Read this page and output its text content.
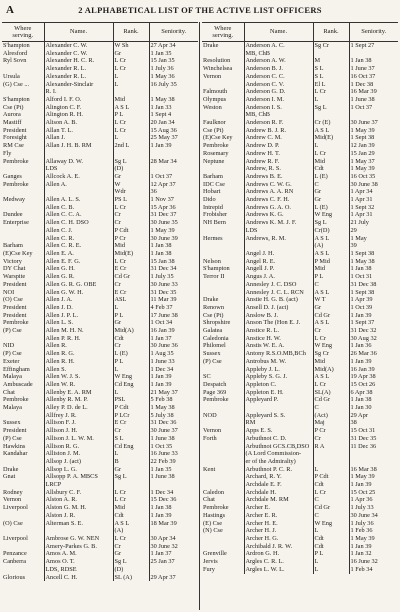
A	2 ALPHABETICAL LIST OF THE ACTIVE LIST OFFICERS
Where serving.	Name.	Rank.	Seniority.
S'hampton	Alexander C. W.	W Sh	27 Apr 34
Alresford	Alexander C. W.	Gr	1 Jan 35
Ryl Sovn	Alexander H. C. R.	L Cr	15 Jan 35
	Alexander R. L.	L Cr	1 July 36
Ursula	Alexander R. L.	L	1 May 36
(G) Cse ...	Alexander-Sinclair	L	16 July 35
	R. I.		
S'hampton	Alford I. F. O.	Mid	1 May 38
Cse (Pt)	Alington C. F.	A S L	1 Jan 33
Aurora	Alington R. H.	P L	1 Sept 4
Mastiff	Alison A. B.	L Cr	20 Jan 34
President	Allan T. L.	L Cr	15 Aug 36
Foresight	Allan J.	L	25 May 37
RM Cse	Allan J. H. B. RM	2nd L	1 Jan 39
Fly			
Pembroke	Allaway D. W.	Sg L	28 Mar 34
	LDS	(D)	
Ganges	Allcock A. E.	Gr	1 Oct 37
Pembroke	Allen A.	W	12 Apr 37
		Wdr	36
Medway	Allen A. L. S.	PS L	1 Nov 37
	Allen C. B.	L Cr	15 Apr 36
Dundee	Allen C. C. A.	Cr	31 Dec 37
Enterprise	Allen C. H. DSO	Cr	30 June 35
	Allen C. J.	P Cdt	1 May 39
	Allen C. R.	P Cr	30 June 39
Barham	Allen C. R. E.	Mid	1 Jan 38
(E)Cse Key	Allen E. A.	Mid(E)	1 Jan 38
Victory	Allen E. F. G.	L Cr	15 Jan 38
DY Chat	Allen G. H.	E Cr	31 Dec 34
Warspite	Allen G. R.	Cd Gr	1 July 35
President	Allen G. R. G. OBE	Cr	30 June 33
NOI	Allen G. W. H.	E Cr	31 Dec 35
(O) Cse	Allen J. A.	ASL	11 Mar 39
President	Allen J. D.	L	4 Feb 37
President	Allen J. P. L.	P L	17 June 38
Pembroke	Allen L. S.	Gr	1 Oct 34
(P) Cse	Allen M. H. N.	Mid(A)	16 Jan 39
	Allen P. R. H.	Cdt	1 Jan 37
NID	Allen R.	Cr	30 June 36
(P) Cse	Allen R. G.	L (E)	1 Aug 35
Exeter	Allen R. H.	P L	1 June 33
Effingham	Allen S.	L	1 Dec 34
Malaya	Allen W. J. S.	W Eng	1 Jan 39
Ambuscade	Allen W. R.	Cd Eng	1 Jan 39
Chat	Allenby E. A. RM	L	21 May 37
Pembroke	Allenby R. M. P.	PSL	5 Feb 38
Malaya	Alley P. D. de L.	P Cdt	1 May 38
	Allfrey J. R.	P LCr	5 July 38
Sussex	Allison F. J.	E Cr	31 Dec 36
President	Allison J. H.	Cr	30 June 37
(P) Cse	Allison J. L. W. M.	S L	1 June 38
Hawkins	Allison R. G.	Cd Eng	1 Oct 35
Kandahar	Alliston J. M.	L	16 June 33
	Allsop J. (act)	B	22 Feb 39
Drake	Allsop L. G.	Gr	1 Jan 35
Gnat	Allsopp P. A. MBCS	Sg L	1 June 38
	LRCP		
Rodney	Allsbury C. F.	L Cr	1 Dec 34
Vernon	Alston A. R.	L Cr	15 Dec 36
Liverpool	Alston G. M. H.	Mid	1 Jan 38
	Alston J. R.	Cdt	1 Jan 39
(O) Cse	Alterman S. E.	A S L	18 Mar 39
		(A)	
Liverpool	Ambrose G. W. NEN	L Cr	30 Apr 34
	Amery-Parkes G. B.	Cr	30 June 32
Penzance	Amos A. M.	Gr	1 Jan 37
Canberra	Amos O. T.	Sg L	25 Jan 37
	LDS, RDSE	(D)	
Glorious	Ancell C. H.	SL (A)	29 Apr 37
Where serving.	Name.	Rank.	Seniority.
Drake	Anderson A. C.	Sg Cr	1 Sept 27
	MB, ChB		
Resolution	Anderson A. W.	M	1 Jan 38
Winchelsea	Anderson B. J.	S L	1 June 37
Vernon	Anderson C. C.	S L	16 Oct 37
	Anderson C. V.	El L	1 Dec 38
Falmouth	Anderson G. D.	L Cr	16 Mar 39
Olympus	Anderson I. M.	L	1 June 38
Weston	Anderson I. S.	Sg L	1 Oct 37
	MB, ChB		
Faulknor	Anderson R. F.	Cr (E)	30 June 37
Cse (Pt)	Andrew B. J. R.	A S L	1 May 39
(E)Cse Key	Andrew C. M.	Mid(E)	1 Sept 38
Pembroke	Andrew D. P.	L	12 Jan 39
Rosemary	Andrew H. T.	L Cr	15 Jan 29
Neptune	Andrew R. F.	Mid	1 May 37
	Andrew, R. S.	Cdt	1 May 39
Barham	Andrews B. E.	L (E)	16 Oct 35
IDC Cse	Andrews C. W. G.	C	30 June 38
Hobart	Andrews A. A. RN	Gr	1 Apr 34
Dido	Andrews C. F. H.	Gr	1 Apr 31
Intrepid	Andrews G. A. O.	L (E)	1 Sept 32
Frobisher	Andrews K. G.	W Eng	1 Apr 31
NH Bern	Andrews K. M. J. F.	Sg L	21 July
	LDS	Cr(D)	29
Hermes	Andrews, R. M.	A S L	1 May
		(A)	39
	Angel J. H.	A S L	1 Sept 38
Nelson	Angel R. E.	P Mid	1 May 38
S'hampton	Angell J. P.	Mid	1 Jan 38
Terror II	Angus J. A.	P L	1 Oct 31
	Annesley J. C. DSO	C	31 Dec 38
	Annesley J. C. L. RCN	A S L	1 Sept 38
Drake	Anstie H. G. B. (act)	W T	1 Apr 39
Renown	Ansell D. J. (act)	Gr	1 Oct 39
Cse (Pt)	Anslow B. J.	Cd Gr	1 Jan 39
Shropshire	Anson The (Hon E. J.	A S L	1 Sept 37
Galatea	Anstice R. L.	Cr	31 Dec 32
Caledonia	Anstice H. W.	L Cr	30 Aug 32
Philomel	Anstis W. E. A.	W Eng	1 Jan 36
Sussex	Antony R.S.O.MB,BCh	Sg Cr	26 Mar 36
(P) Cse	Antrobus M. W.	Mid	1 Jan 39
	Appleby J. L.	Mid(A)	16 Jan 39
SC	Appleby S. G. J.	A S L	19 Apr 38
Despatch	Appleton C.	L Cr	15 Oct 26
Page 369	Appleton E. H.	SL(A)	6 Apr 38
Pembroke	Appleyard P.	Cd Gr	1 Jan 38
		C	1 Jan 30
NOD	Appleyard S. S.	(Act)	29 Apr
	RM	Maj	38
Vernon	Apps E. S.	P Cr	15 Oct 31
Forth	Arbuthnot C. D.	Cr	31 Dec 35
	Arbuthnot GCS.CB,DSO	R A	11 Dec 36
	(A Lord Commission-		
	er of the Admiralty)		
Kent	Arbuthnot P. C. R.	L	16 Mar 38
	Archard, R. Y.	P Cdt	1 May 39
	Archdale E. F.	Cdt	1 Jan 39
Caledon	Archdale H.	L Cr	15 Oct 25
Chat	Archdale M. RM	C	1 Apr 36
Pembroke	Archer E.	Cd Gr	1 July 33
Hastings	Archer E. R.	C	30 June 34
(E) Cse	Archer H. E.	W Eng	1 July 36
(N) Cse	Archer H. J.	L	1 Feb 36
	Archer H. G.	Cdt	1 May 39
	Archibald J. R. W.	Cdt	1 Jan 39
Grenville	Ardron G. H.	P L	1 Jan 32
Jervis	Argles C. R. L.	L	16 June 32
Fury	Argles L. W. L.	L	1 Feb 34
